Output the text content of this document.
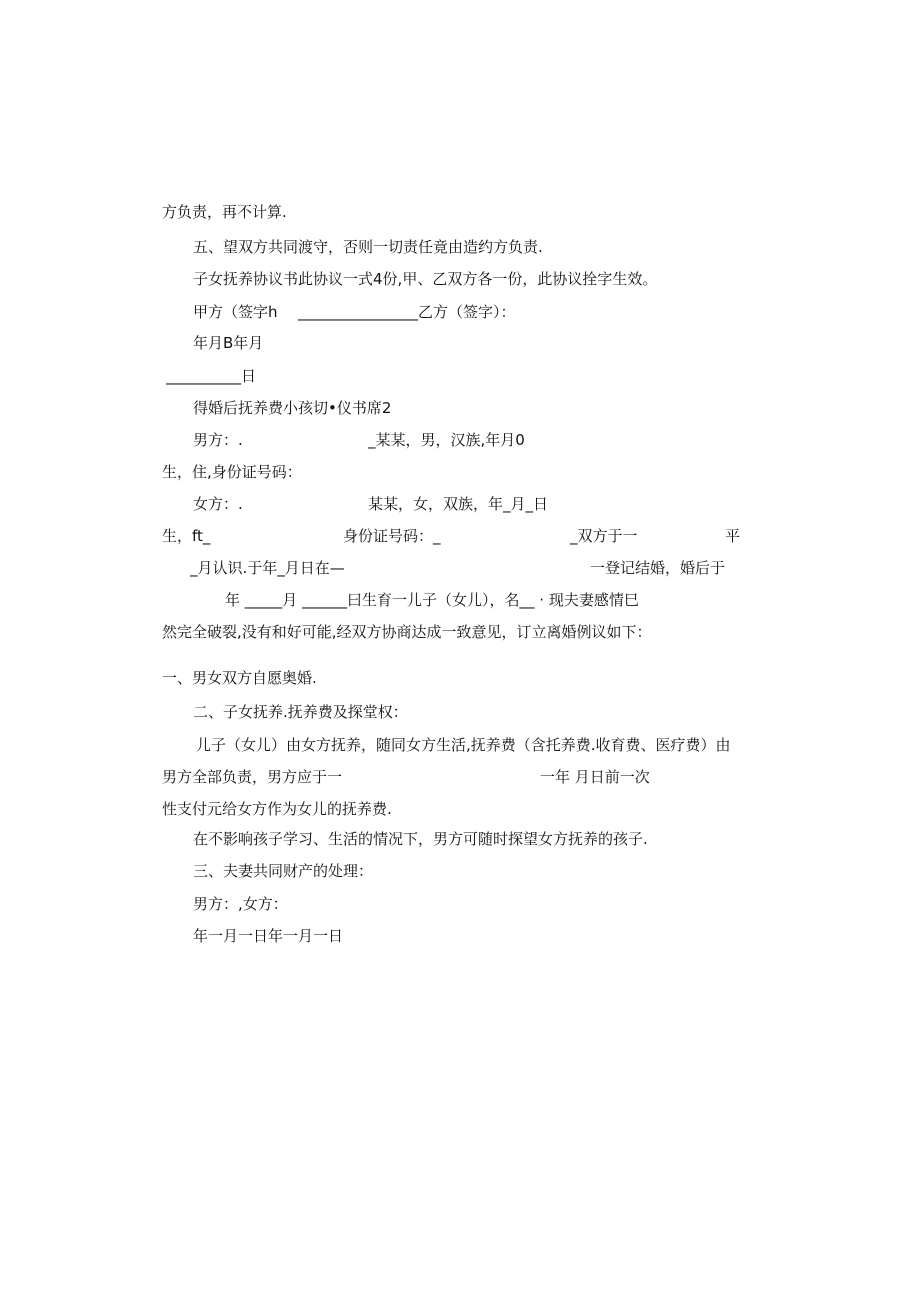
方负责，再不计算.
五、望双方共同渡守，否则一切责任竟由造约方负责.
子女抚养协议书此协议一式4份,甲、乙双方各一份，此协议拴字生效。
甲方（签字h ________________乙方（签字）：
年月B年月
__________日
得婚后抚养费小孩切•仪书席2
男方：.	_某某，男，汉族,年月0
生，住,身份证号码：
女方：.	某某，女，双族，年_月_日
生，ft_	身份证号码：_	_双方于一	平
_月认识.于年_月日在—	一登记结婚，婚后于
年 _____月 ______曰生育一儿子（女儿），名__ · 现夫妻感情巳
然完全破裂,没有和好可能,经双方协商达成一致意见，订立离婚例议如下：
一、男女双方自愿奥婚.
二、子女抚养.抚养费及探堂权：
儿子（女儿）由女方抚养，随同女方生活,抚养费（含托养费.收育费、医疗费）由
男方全部负责，男方应于一	一年 月日前一次
性支付元给女方作为女儿的抚养费.
在不影响孩子学习、生活的情况下，男方可随时探望女方抚养的孩子.
三、夫妻共同财产的处理：
男方：,女方：
年一月一日年一月一日
